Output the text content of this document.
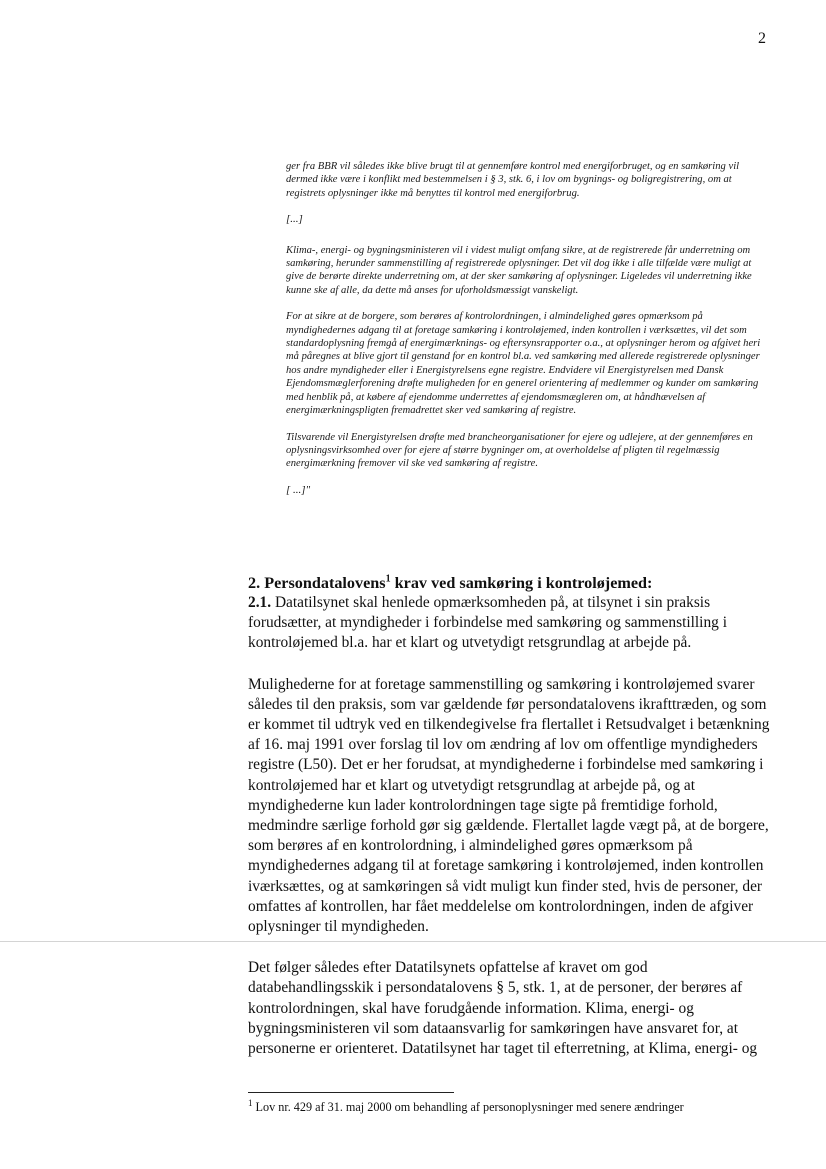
2

ger fra BBR vil således ikke blive brugt til at gennemføre kontrol med energiforbruget, og en samkøring vil dermed ikke være i konflikt med bestemmelsen i § 3, stk. 6, i lov om bygnings- og boligregistrering, om at registrets oplysninger ikke må benyttes til kontrol med energiforbrug.

[...]

Klima-, energi- og bygningsministeren vil i videst muligt omfang sikre, at de registrerede får underretning om samkøring, herunder sammenstilling af registrerede oplysninger. Det vil dog ikke i alle tilfælde være muligt at give de berørte direkte underretning om, at der sker samkøring af oplysninger. Ligeledes vil underretning ikke kunne ske af alle, da dette må anses for uforholdsmæssigt vanskeligt.

For at sikre at de borgere, som berøres af kontrolordningen, i almindelighed gøres opmærksom på myndighedernes adgang til at foretage samkøring i kontroløjemed, inden kontrollen i værksættes, vil det som standardoplysning fremgå af energimærknings- og eftersynsrapporter o.a., at oplysninger herom og afgivet heri må påregnes at blive gjort til genstand for en kontrol bl.a. ved samkøring med allerede registrerede oplysninger hos andre myndigheder eller i Energistyrelsens egne registre. Endvidere vil Energistyrelsen med Dansk Ejendomsmæglerforening drøfte muligheden for en generel orientering af medlemmer og kunder om samkøring med henblik på, at købere af ejendomme underrettes af ejendomsmægleren om, at håndhævelsen af energimærkningspligten fremadrettet sker ved samkøring af registre.

Tilsvarende vil Energistyrelsen drøfte med brancheorganisationer for ejere og udlejere, at der gennemføres en oplysningsvirksomhed over for ejere af større bygninger om, at overholdelse af pligten til regelmæssig energimærkning fremover vil ske ved samkøring af registre.

[ ...]"

2. Persondatalovens$^1$ krav ved samkøring i kontroløjemed:

2.1. Datatilsynet skal henlede opmærksomheden på, at tilsynet i sin praksis forudsætter, at myndigheder i forbindelse med samkøring og sammenstilling i kontroløjemed bl.a. har et klart og utvetydigt retsgrundlag at arbejde på.

Mulighederne for at foretage sammenstilling og samkøring i kontroløjemed svarer således til den praksis, som var gældende før persondatalovens ikrafttræden, og som er kommet til udtryk ved en tilkendegivelse fra flertallet i Retsudvalget i betænkning af 16. maj 1991 over forslag til lov om ændring af lov om offentlige myndigheders registre (L50). Det er her forudsat, at myndighederne i forbindelse med samkøring i kontroløjemed har et klart og utvetydigt retsgrundlag at arbejde på, og at myndighederne kun lader kontrolordningen tage sigte på fremtidige forhold, medmindre særlige forhold gør sig gældende. Flertallet lagde vægt på, at de borgere, som berøres af en kontrolordning, i almindelighed gøres opmærksom på myndighedernes adgang til at foretage samkøring i kontroløjemed, inden kontrollen iværksættes, og at samkøringen så vidt muligt kun finder sted, hvis de personer, der omfattes af kontrollen, har fået meddelelse om kontrolordningen, inden de afgiver oplysninger til myndigheden.

Det følger således efter Datatilsynets opfattelse af kravet om god databehandlingsskik i persondatalovens § 5, stk. 1, at de personer, der berøres af kontrolordningen, skal have forudgående information. Klima, energi- og bygningsministeren vil som dataansvarlig for samkøringen have ansvaret for, at personerne er orienteret. Datatilsynet har taget til efterretning, at Klima, energi- og

$^1$ Lov nr. 429 af 31. maj 2000 om behandling af personoplysninger med senere ændringer
